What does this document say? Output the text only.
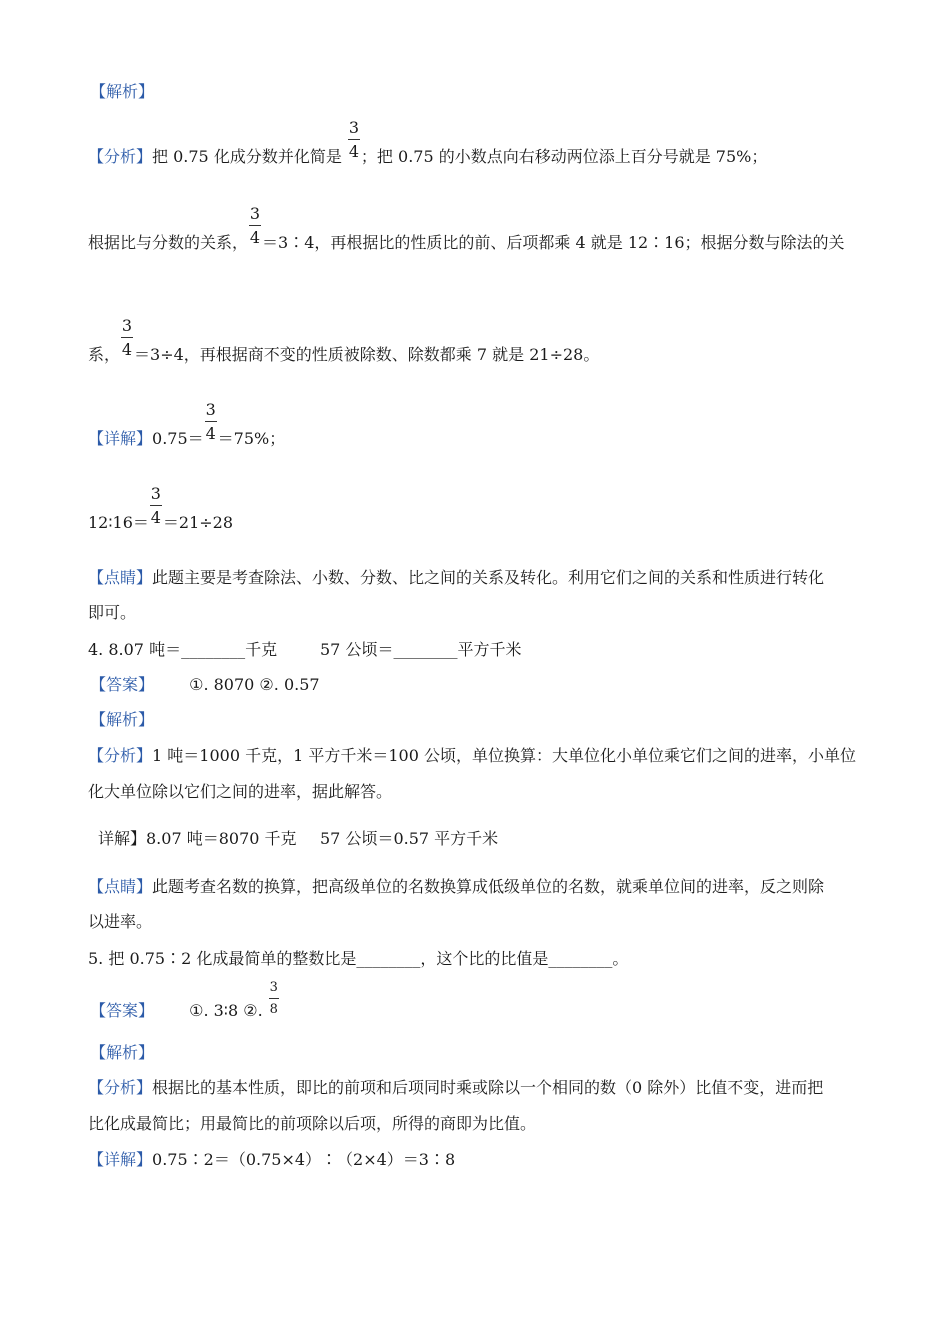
【解析】
【分析】把 0.75 化成分数并化简是 $\frac{3}{4}$ ；把 0.75 的小数点向右移动两位添上百分号就是 75%；
根据比与分数的关系， $\frac{3}{4}$ ＝3∶4，再根据比的性质比的前、后项都乘 4 就是 12∶16；根据分数与除法的关
系， $\frac{3}{4} =3\div 4$，再根据商不变的性质被除数、除数都乘 7 就是 21÷28。
【详解】$0.75= \frac{3}{4} =75\%$；
12∶16＝ $\frac{3}{4} =21\div 28$
【点睛】此题主要是考查除法、小数、分数、比之间的关系及转化。利用它们之间的关系和性质进行转化
即可。
4. 8.07 吨＝________千克	57 公顷＝________平方千米
【答案】 ①. 8070 ②. 0.57
【解析】
【分析】1 吨＝1000 千克，1 平方千米＝100 公顷，单位换算：大单位化小单位乘它们之间的进率，小单位
化大单位除以它们之间的进率，据此解答。
详解】8.07 吨＝8070 千克 57 公顷＝0.57 平方千米
【点睛】此题考查名数的换算，把高级单位的名数换算成低级单位的名数，就乘单位间的进率，反之则除
以进率。
5. 把 0.75∶2 化成最简单的整数比是________，这个比的比值是________。
【答案】 ①. 3∶8 ②. $\frac{3}{8}$
【解析】
【分析】根据比的基本性质，即比的前项和后项同时乘或除以一个相同的数（0 除外）比值不变，进而把
比化成最简比；用最简比的前项除以后项，所得的商即为比值。
【详解】0.75∶2＝（0.75×4）∶（2×4）＝3∶8
